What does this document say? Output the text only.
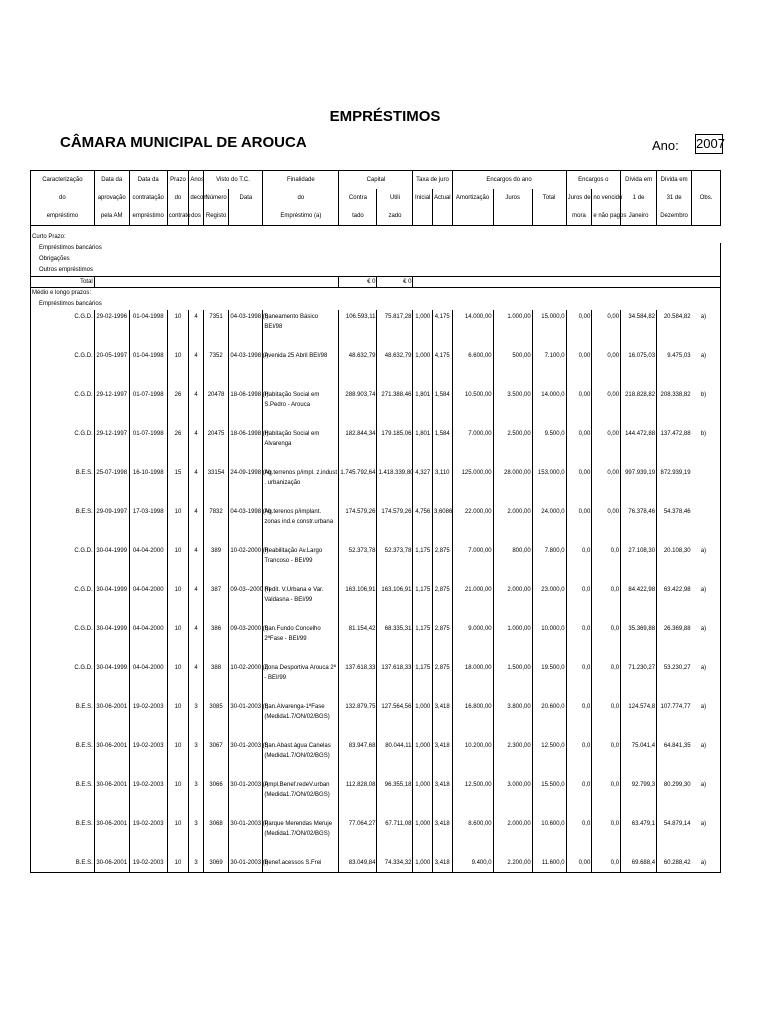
EMPRÉSTIMOS
CÂMARA MUNICIPAL DE AROUCA	Ano: 2007
Caracterização	Data da	Data da	Prazo	Anos	Visto do T.C.		Finalidade	Capital		Taxa de juro		Encargos do ano			Encargos o		Dívida em	Dívida em		
do	aprovação	contratação	do	decorr.	Número	Data	do	Contra	Utili	Inicial	Actual	Amortização	Juros	Total	Juros de	no vencido	1 de	31 de	Obs.	
empréstimo	pela AM	empréstimo	contrato	dos	Registo		Empréstimo (a)	tado	zado						mora	e não pagos	Janeiro	Dezembro		
Curto Prazo:																				
Empréstimos bancários																				
Obrigações																				
Outros empréstimos																				
Total								€ 0	€ 0											
Médio e longo prazos:																				
Empréstimos bancários																				
C.G.D.	29-02-1996	01-04-1998	10	4	7351	04-03-1998 (I)	Saneamento Básico BEI/98	106.593,11	75.817,28	1,000	4,175	14.000,00	1.000,00	15.000,0	0,00	0,00	34.584,82	20.584,82		a)
C.G.D.	20-05-1997	01-04-1998	10	4	7352	04-03-1998 (I)	Avenida 25 Abril BEI/98	48.632,79	48.632,79	1,000	4,175	6.600,00	500,00	7.100,0	0,00	0,00	16.075,03	9.475,03		a)
C.G.D.	29-12-1997	01-07-1998	26	4	20478	18-06-1998 (I)	Habitação Social em S.Pedro - Arouca	288.903,74	271.388,46	1,801	1,584	10.500,00	3.500,00	14.000,0	0,00	0,00	218.828,82	208.338,82		b)
C.G.D.	29-12-1997	01-07-1998	26	4	20475	18-06-1998 (I)	Habitação Social em Alvarenga	182.844,34	179.185,06	1,801	1,584	7.000,00	2.500,00	9.500,0	0,00	0,00	144.472,88	137.472,88		b)
B.E.S.	25-07-1998	16-10-1998	15	4	33154	24-09-1998 (N)	Aq.terrenos p/impl. z.indust . urbanização	1.745.792,64	1.418.339,80	4,327	3,110	125.000,00	28.000,00	153.000,0	0,00	0,00	997.939,19	872.939,19		
B.E.S.	29-09-1997	17-03-1998	10	4	7832	04-03-1998 (N)	Aq.terenos p/implant. zonas ind.e constr.urbana	174.579,26	174.579,26	4,756	3,6086	22.000,00	2.000,00	24.000,0	0,00	0,00	76.378,46	54.378,46		
C.G.D.	30-04-1999	04-04-2000	10	4	389	10-02-2000 (I)	Reabilitação Av.Largo Trancoso - BEI/99	52.373,78	52.373,78	1,175	2,875	7.000,00	800,00	7.800,0	0,0	0,0	27.108,30	20.108,30		a)
C.G.D.	30-04-1999	04-04-2000	10	4	387	09-03--2000 (I)	Redit. V.Urbana e Var. Valdasna - BEI/99	163.106,91	163.106,91	1,175	2,875	21.000,00	2.000,00	23.000,0	0,0	0,0	84.422,98	63.422,98		a)
C.G.D.	30-04-1999	04-04-2000	10	4	386	09-03-2000 (I)	San.Fundo Concelho 2ªFase - BEI/99	81.154,42	68.335,31	1,175	2,875	9.000,00	1.000,00	10.000,0	0,0	0,0	35.369,88	26.369,88		a)
C.G.D.	30-04-1999	04-04-2000	10	4	388	10-02-2000 (I)	Zona Desportiva Arouca 2ª - BEI/99	137.618,33	137.618,33	1,175	2,875	18.000,00	1.500,00	19.500,0	0,0	0,0	71.230,27	53.230,27		a)
B.E.S.	30-06-2001	19-02-2003	10	3	3085	30-01-2003 (I)	San.Alvarenga-1ªFase (Medida1.7/ON/02/BGS)	132.879,75	127.564,56	1,000	3,418	16.800,00	3.800,00	20.600,0	0,0	0,0	124.574,8	107.774,77		a)
B.E.S.	30-06-2001	19-02-2003	10	3	3067	30-01-2003 (I)	San.Abast.água Canelas (Medida1.7/ON/02/BGS)	83.947,68	80.044,11	1,000	3,418	10.200,00	2.300,00	12.500,0	0,0	0,0	75.041,4	64.841,35		a)
B.E.S.	30-06-2001	19-02-2003	10	3	3066	30-01-2003 (I)	Ampl.Benef.redeV.urban (Medida1.7/ON/02/BGS)	112.828,08	96.355,18	1,000	3,418	12.500,00	3.000,00	15.500,0	0,0	0,0	92.799,3	80.299,30		a)
B.E.S.	30-06-2001	19-02-2003	10	3	3068	30-01-2003 (I)	Parque Merendas Meruje (Medida1.7/ON/02/BGS)	77.064,27	67.711,08	1,000	3,418	8.600,00	2.000,00	10.600,0	0,0	0,0	63.479,1	54.879,14		a)
B.E.S.	30-06-2001	19-02-2003	10	3	3069	30-01-2003 (I)	Benef.acessos S.Frei	83.049,84	74.334,32	1,000	3,418	9.400,0	2.200,00	11.600,0	0,00	0,0	69.688,4	60.288,42		a)
